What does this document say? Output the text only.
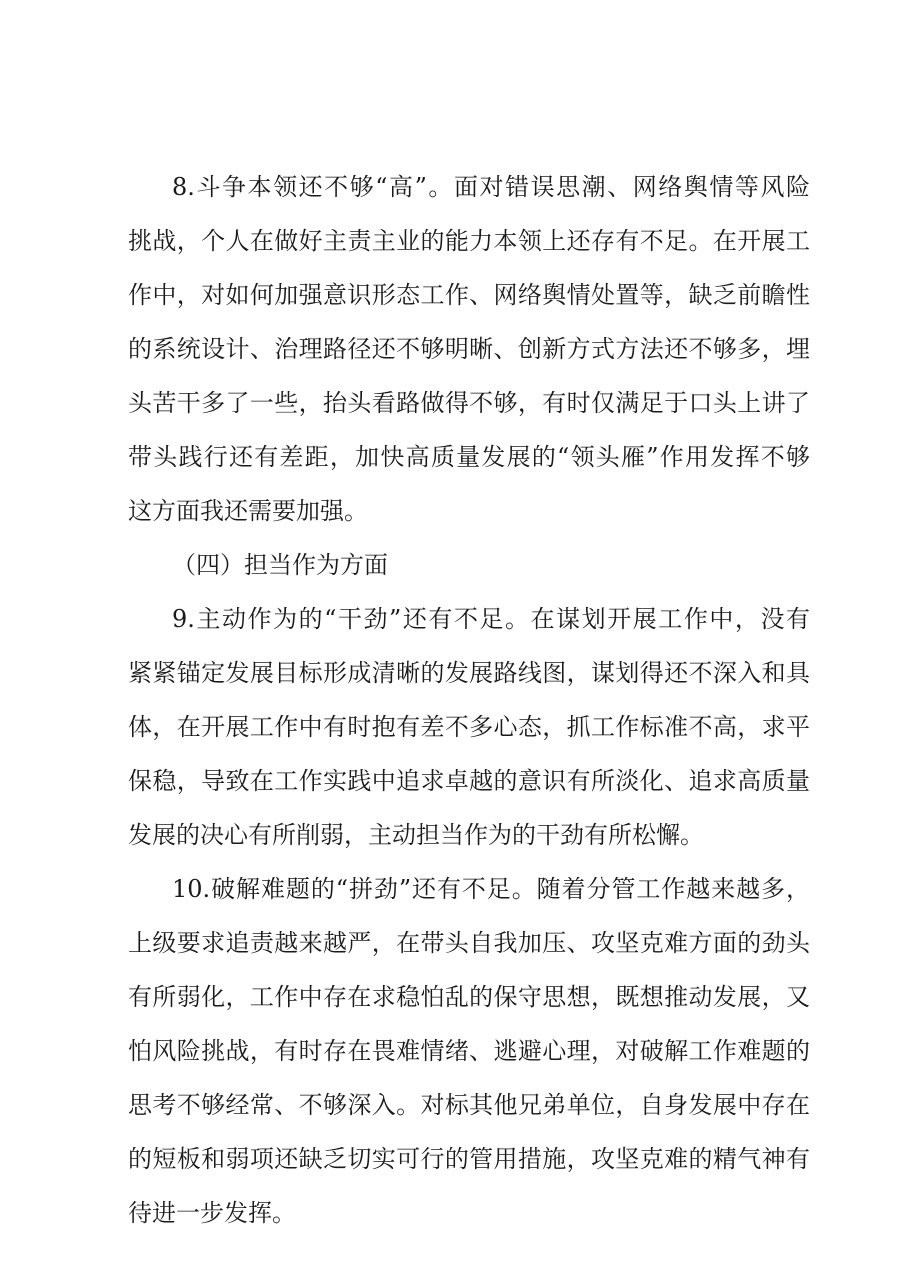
8.斗争本领还不够“高”。面对错误思潮、网络舆情等风险
挑战，个人在做好主责主业的能力本领上还存有不足。在开展工
作中，对如何加强意识形态工作、网络舆情处置等，缺乏前瞻性
的系统设计、治理路径还不够明晰、创新方式方法还不够多，埋
头苦干多了一些，抬头看路做得不够，有时仅满足于口头上讲了
带头践行还有差距，加快高质量发展的“领头雁”作用发挥不够
这方面我还需要加强。
（四）担当作为方面
9.主动作为的“干劲”还有不足。在谋划开展工作中，没有
紧紧锚定发展目标形成清晰的发展路线图，谋划得还不深入和具
体，在开展工作中有时抱有差不多心态，抓工作标准不高，求平
保稳，导致在工作实践中追求卓越的意识有所淡化、追求高质量
发展的决心有所削弱，主动担当作为的干劲有所松懈。
10.破解难题的“拼劲”还有不足。随着分管工作越来越多，
上级要求追责越来越严，在带头自我加压、攻坚克难方面的劲头
有所弱化，工作中存在求稳怕乱的保守思想，既想推动发展，又
怕风险挑战，有时存在畏难情绪、逃避心理，对破解工作难题的
思考不够经常、不够深入。对标其他兄弟单位，自身发展中存在
的短板和弱项还缺乏切实可行的管用措施，攻坚克难的精气神有
待进一步发挥。
